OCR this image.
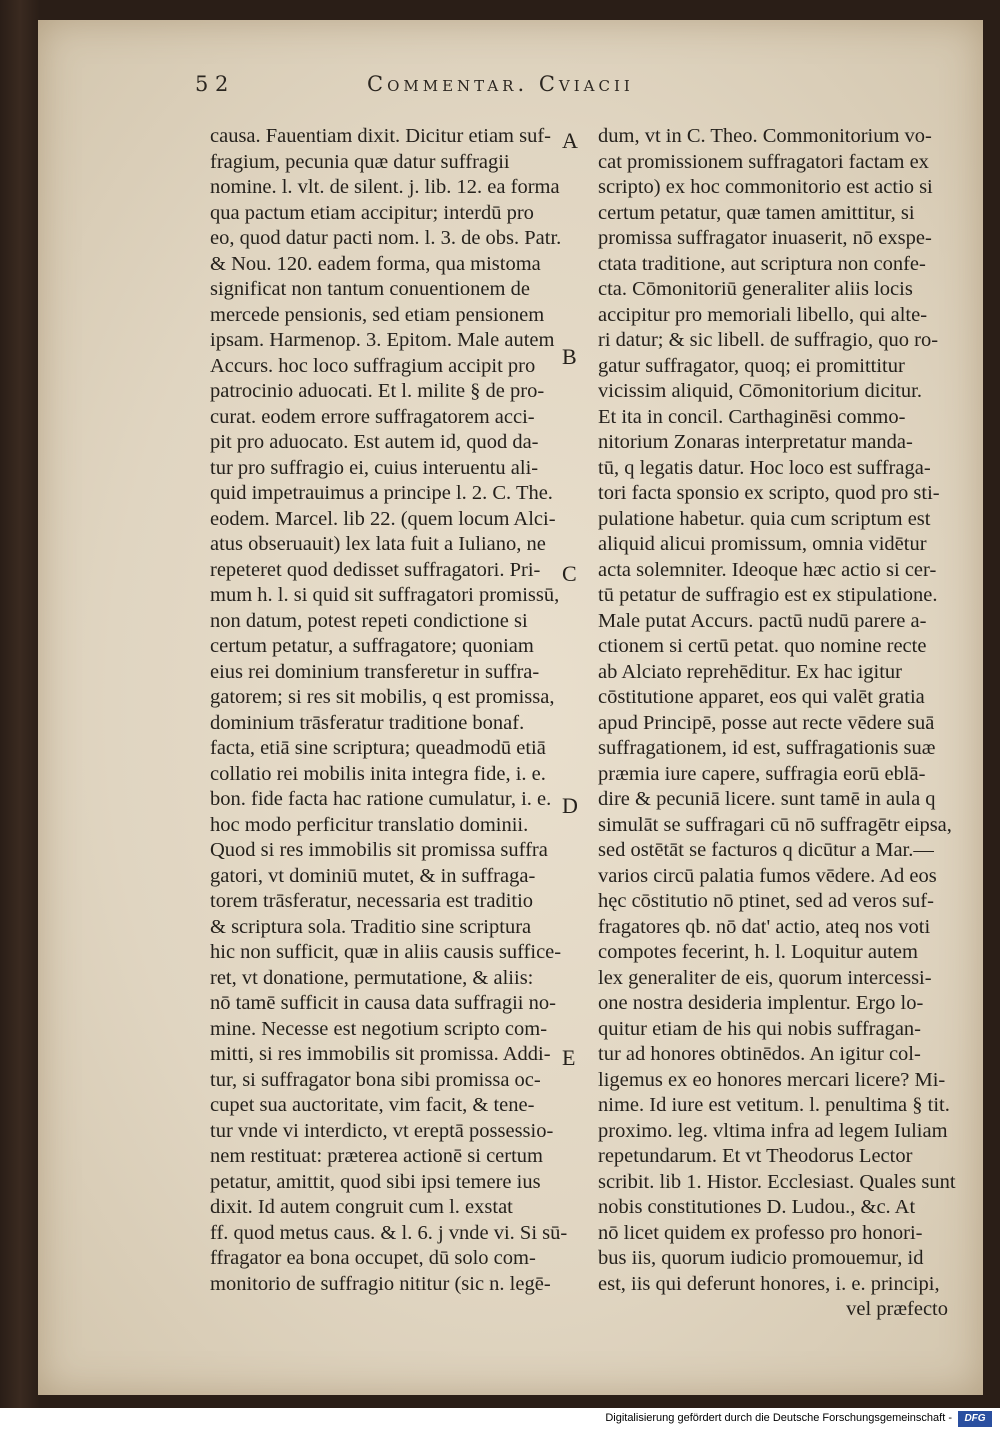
5 2	Commentar. Cviacii
causa. Fauentiam dixit. Dicitur etiam suf-
fragium, pecunia quæ datur suffragii
nomine. l. vlt. de silent. j. lib. 12. ea forma
qua pactum etiam accipitur; interdū pro
eo, quod datur pacti nom. l. 3. de obs. Patr.
& Nou. 120. eadem forma, qua mistoma
significat non tantum conuentionem de
mercede pensionis, sed etiam pensionem
ipsam. Harmenop. 3. Epitom. Male autem
Accurs. hoc loco suffragium accipit pro
patrocinio aduocati. Et l. milite § de pro-
curat. eodem errore suffragatorem acci-
pit pro aduocato. Est autem id, quod da-
tur pro suffragio ei, cuius interuentu ali-
quid impetrauimus a principe l. 2. C. The.
eodem. Marcel. lib 22. (quem locum Alci-
atus obseruauit) lex lata fuit a Iuliano, ne
repeteret quod dedisset suffragatori. Pri-
mum h. l. si quid sit suffragatori promissū,
non datum, potest repeti condictione si
certum petatur, a suffragatore; quoniam
eius rei dominium transferetur in suffra-
gatorem; si res sit mobilis, q est promissa,
dominium trāsferatur traditione bonaf.
facta, etiā sine scriptura; queadmodū etiā
collatio rei mobilis inita integra fide, i. e.
bon. fide facta hac ratione cumulatur, i. e.
hoc modo perficitur translatio dominii.
Quod si res immobilis sit promissa suffra
gatori, vt dominiū mutet, & in suffraga-
torem trāsferatur, necessaria est traditio
& scriptura sola. Traditio sine scriptura
hic non sufficit, quæ in aliis causis suffice-
ret, vt donatione, permutatione, & aliis:
nō tamē sufficit in causa data suffragii no-
mine. Necesse est negotium scripto com-
mitti, si res immobilis sit promissa. Addi-
tur, si suffragator bona sibi promissa oc-
cupet sua auctoritate, vim facit, & tene-
tur vnde vi interdicto, vt ereptā possessio-
nem restituat: præterea actionē si certum
petatur, amittit, quod sibi ipsi temere ius
dixit. Id autem congruit cum l. exstat
ff. quod metus caus. & l. 6. j vnde vi. Si sū-
ffragator ea bona occupet, dū solo com-
monitorio de suffragio nititur (sic n. legē-
A
B
C
D
E
dum, vt in C. Theo. Commonitorium vo-
cat promissionem suffragatori factam ex
scripto) ex hoc commonitorio est actio si
certum petatur, quæ tamen amittitur, si
promissa suffragator inuaserit, nō exspe-
ctata traditione, aut scriptura non confe-
cta. Cōmonitoriū generaliter aliis locis
accipitur pro memoriali libello, qui alte-
ri datur; & sic libell. de suffragio, quo ro-
gatur suffragator, quoq; ei promittitur
vicissim aliquid, Cōmonitorium dicitur.
Et ita in concil. Carthaginēsi commo-
nitorium Zonaras interpretatur manda-
tū, q legatis datur. Hoc loco est suffraga-
tori facta sponsio ex scripto, quod pro sti-
pulatione habetur. quia cum scriptum est
aliquid alicui promissum, omnia vidētur
acta solemniter. Ideoque hæc actio si cer-
tū petatur de suffragio est ex stipulatione.
Male putat Accurs. pactū nudū parere a-
ctionem si certū petat. quo nomine recte
ab Alciato reprehēditur. Ex hac igitur
cōstitutione apparet, eos qui valēt gratia
apud Principē, posse aut recte vēdere suā
suffragationem, id est, suffragationis suæ
præmia iure capere, suffragia eorū eblā-
dire & pecuniā licere. sunt tamē in aula q
simulāt se suffragari cū nō suffragētr eipsa,
sed ostētāt se facturos q dicūtur a Mar.—
varios circū palatia fumos vēdere. Ad eos
hęc cōstitutio nō ptinet, sed ad veros suf-
fragatores qb. nō dat' actio, ateq nos voti
compotes fecerint, h. l. Loquitur autem
lex generaliter de eis, quorum intercessi-
one nostra desideria implentur. Ergo lo-
quitur etiam de his qui nobis suffragan-
tur ad honores obtinēdos. An igitur col-
ligemus ex eo honores mercari licere? Mi-
nime. Id iure est vetitum. l. penultima § tit.
proximo. leg. vltima infra ad legem Iuliam
repetundarum. Et vt Theodorus Lector
scribit. lib 1. Histor. Ecclesiast. Quales sunt
nobis constitutiones D. Ludou., &c. At
nō licet quidem ex professo pro honori-
bus iis, quorum iudicio promouemur, id
est, iis qui deferunt honores, i. e. principi,
vel præfecto
Digitalisierung gefördert durch die Deutsche Forschungsgemeinschaft -	DFG
